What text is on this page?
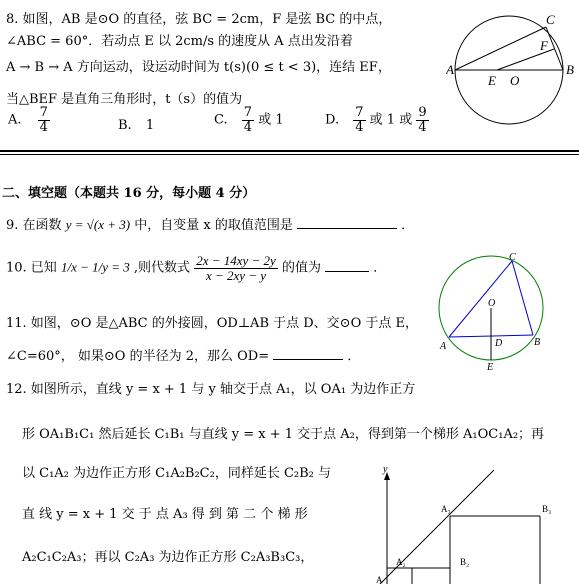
8. 如图，AB 是⊙O 的直径，弦 BC = 2cm，F 是弦 BC 的中点，
∠ABC = 60°．若动点 E 以 2cm/s 的速度从 A 点出发沿着
A → B → A 方向运动，设运动时间为 t(s)(0 ≤ t < 3)，连结 EF，
当△BEF 是直角三角形时，t（s）的值为
A. $\frac{7}{4}$	B. 1	C. $\frac{7}{4}$ 或 1	D. $\frac{7}{4}$ 或 1 或 $\frac{9}{4}$
A	B
C
E O
F
二、填空题（本题共 16 分，每小题 4 分）
9. 在函数 y = √(x + 3) 中，自变量 x 的取值范围是	．
10. 已知 1/x − 1/y = 3 ,则代数式 $\frac{2x - 14xy - 2y}{x - 2xy - y}$ 的值为	．
A	B
C
D
E
O
11. 如图，⊙O 是△ABC 的外接圆，OD⊥AB 于点 D、交⊙O 于点 E，
∠C=60°， 如果⊙O 的半径为 2，那么 OD=	．
12. 如图所示，直线 y = x + 1 与 y 轴交于点 A₁，以 OA₁ 为边作正方
形 OA₁B₁C₁ 然后延长 C₁B₁ 与直线 y = x + 1 交于点 A₂，得到第一个梯形 A₁OC₁A₂；再
以 C₁A₂ 为边作正方形 C₁A₂B₂C₂，同样延长 C₂B₂ 与
直 线 y = x + 1 交 于 点 A₃ 得 到 第 二 个 梯 形
A₂C₁C₂A₃；再以 C₂A₃ 为边作正方形 C₂A₃B₃C₃，
y
A₃	B₃
A₂	B₂
A
